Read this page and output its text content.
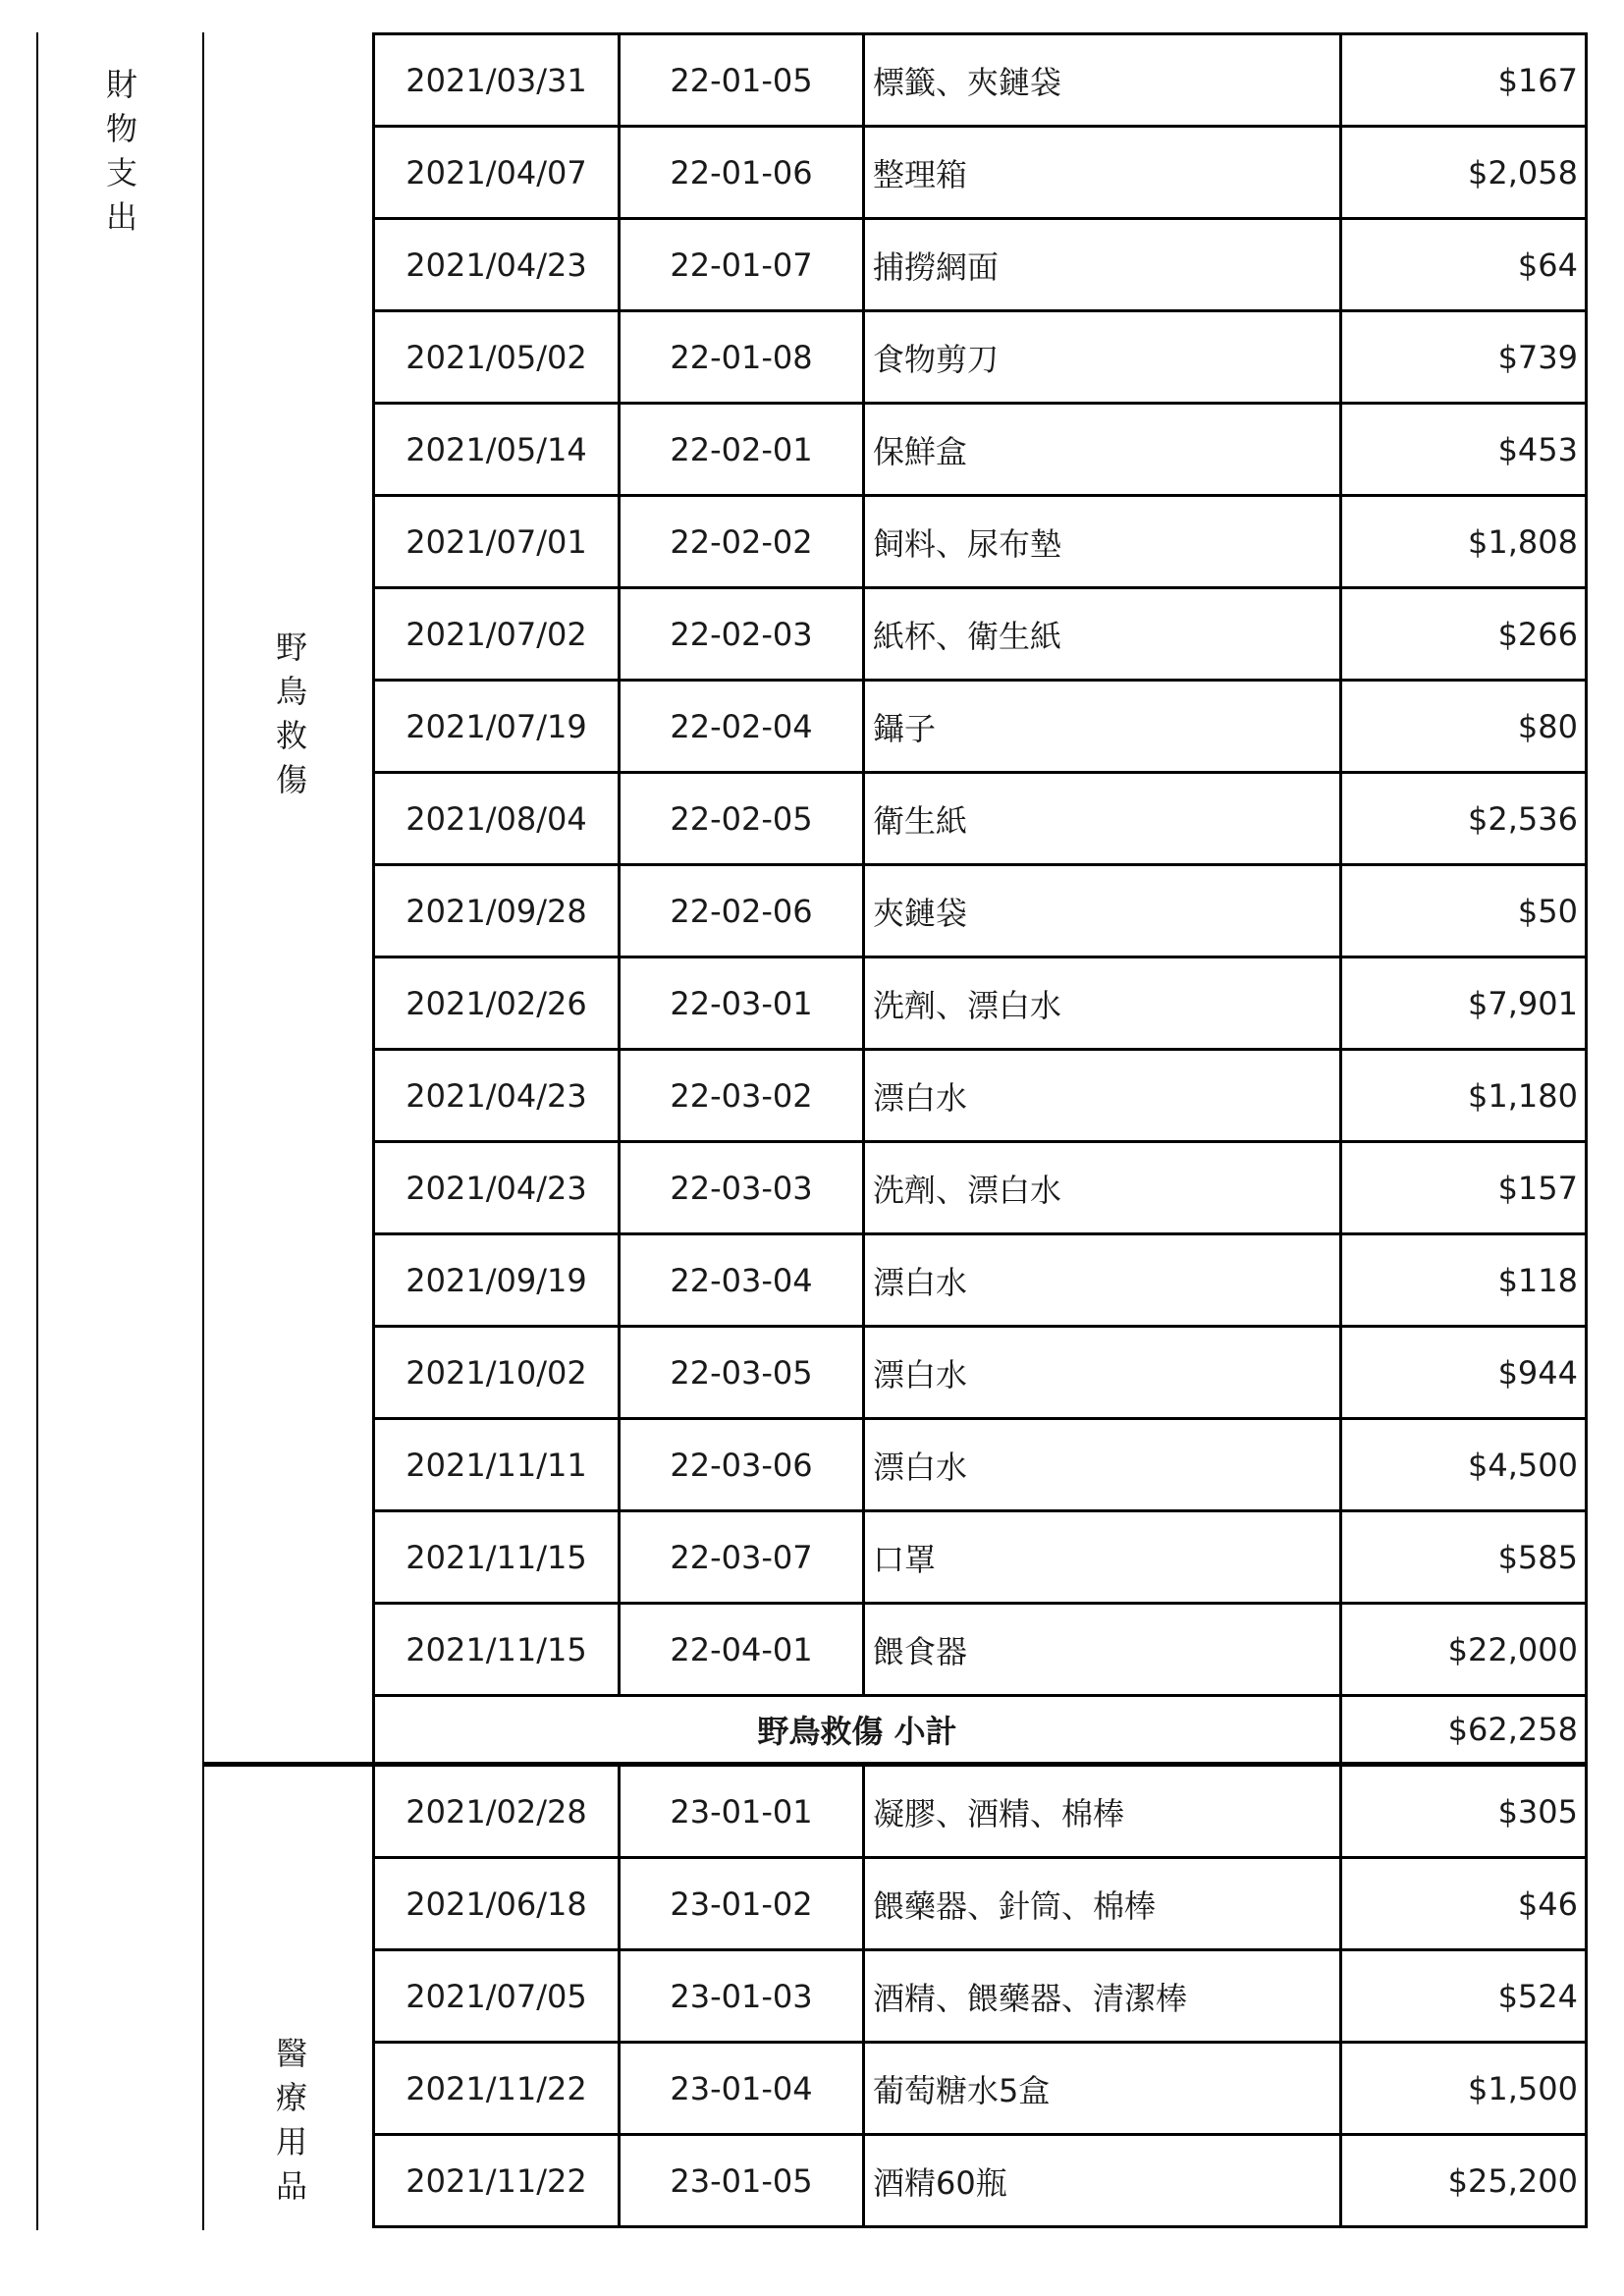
財物支出
野鳥救傷
醫療用品
2021/03/31	22-01-05	標籤、夾鏈袋	$167
2021/04/07	22-01-06	整理箱	$2,058
2021/04/23	22-01-07	捕撈網面	$64
2021/05/02	22-01-08	食物剪刀	$739
2021/05/14	22-02-01	保鮮盒	$453
2021/07/01	22-02-02	飼料、尿布墊	$1,808
2021/07/02	22-02-03	紙杯、衛生紙	$266
2021/07/19	22-02-04	鑷子	$80
2021/08/04	22-02-05	衛生紙	$2,536
2021/09/28	22-02-06	夾鏈袋	$50
2021/02/26	22-03-01	洗劑、漂白水	$7,901
2021/04/23	22-03-02	漂白水	$1,180
2021/04/23	22-03-03	洗劑、漂白水	$157
2021/09/19	22-03-04	漂白水	$118
2021/10/02	22-03-05	漂白水	$944
2021/11/11	22-03-06	漂白水	$4,500
2021/11/15	22-03-07	口罩	$585
2021/11/15	22-04-01	餵食器	$22,000
野鳥救傷 小計	$62,258
2021/02/28	23-01-01	凝膠、酒精、棉棒	$305
2021/06/18	23-01-02	餵藥器、針筒、棉棒	$46
2021/07/05	23-01-03	酒精、餵藥器、清潔棒	$524
2021/11/22	23-01-04	葡萄糖水5盒	$1,500
2021/11/22	23-01-05	酒精60瓶	$25,200
